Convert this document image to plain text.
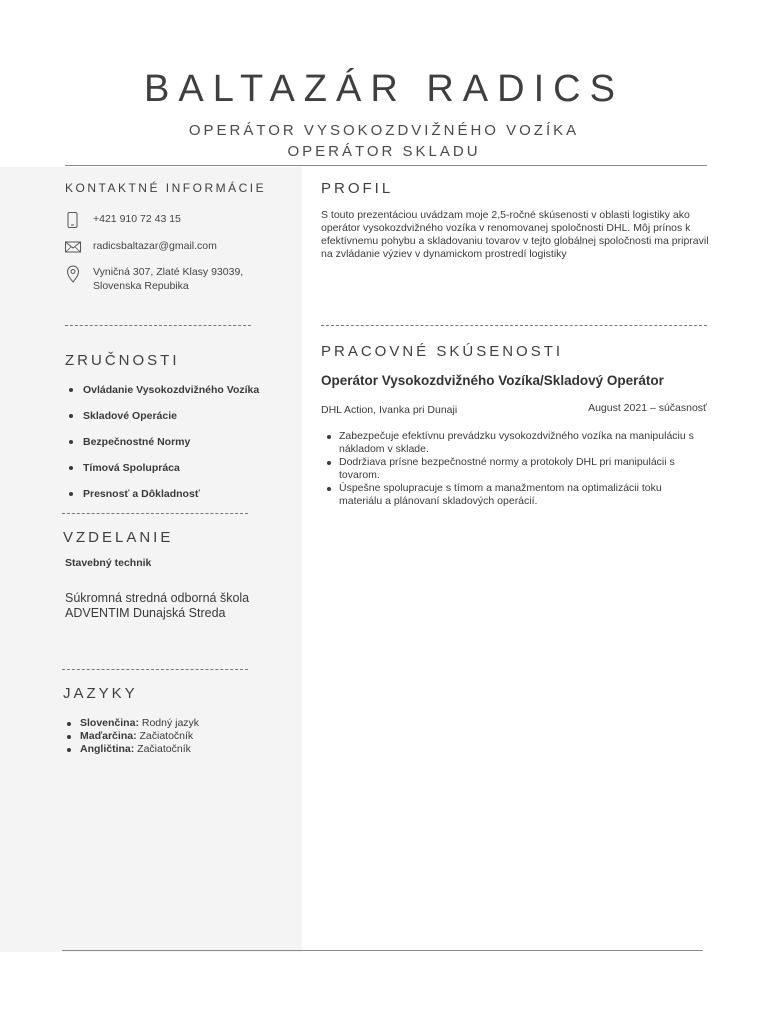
BALTAZÁR RADICS
OPERÁTOR VYSOKOZDVIŽNÉHO VOZÍKA
OPERÁTOR SKLADU
KONTAKTNÉ INFORMÁCIE
+421 910 72 43 15
radicsbaltazar@gmail.com
Vyničná 307, Zlaté Klasy 93039,
Slovenska Repubika
ZRUČNOSTI
Ovládanie Vysokozdvižného Vozíka
Skladové Operácie
Bezpečnostné Normy
Tímová Spolupráca
Presnosť a Dôkladnosť
VZDELANIE
Stavebný technik
Súkromná stredná odborná škola
ADVENTIM Dunajská Streda
JAZYKY
Slovenčina: Rodný jazyk
Maďarčina: Začiatočník
Angličtina: Začiatočník
PROFIL
S touto prezentáciou uvádzam moje 2,5-ročné skúsenosti v oblasti logistiky ako operátor vysokozdvižného vozíka v renomovanej spoločnosti DHL. Môj prínos k efektívnemu pohybu a skladovaniu tovarov v tejto globálnej spoločnosti ma pripravil na zvládanie výziev v dynamickom prostredí logistiky
PRACOVNÉ SKÚSENOSTI
Operátor Vysokozdvižného Vozíka/Skladový Operátor
DHL Action, Ivanka pri Dunaji	August 2021 – súčasnosť
Zabezpečuje efektívnu prevádzku vysokozdvižného vozíka na manipuláciu s nákladom v sklade.
Dodržiava prísne bezpečnostné normy a protokoly DHL pri manipulácii s tovarom.
Úspešne spolupracuje s tímom a manažmentom na optimalizácii toku materiálu a plánovaní skladových operácií.
